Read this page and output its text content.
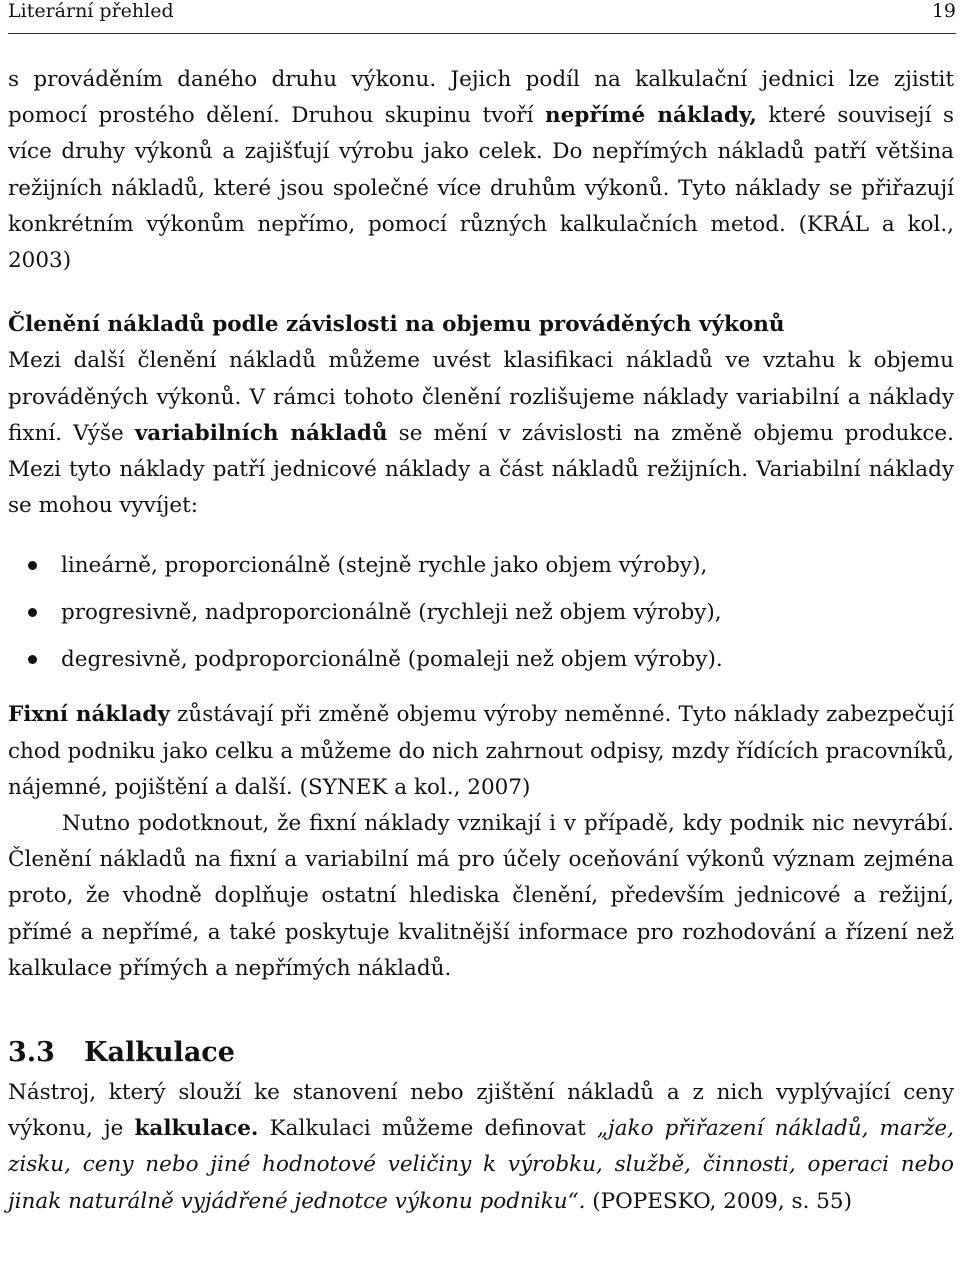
Literární přehled	19

s prováděním daného druhu výkonu. Jejich podíl na kalkulační jednici lze zjistit pomocí prostého dělení. Druhou skupinu tvoří nepřímé náklady, které souvisejí s více druhy výkonů a zajišťují výrobu jako celek. Do nepřímých nákladů patří většina režijních nákladů, které jsou společné více druhům výkonů. Tyto náklady se přiřazují konkrétním výkonům nepřímo, pomocí různých kalkulačních metod. (KRÁL a kol., 2003)

Členění nákladů podle závislosti na objemu prováděných výkonů

Mezi další členění nákladů můžeme uvést klasifikaci nákladů ve vztahu k objemu prováděných výkonů. V rámci tohoto členění rozlišujeme náklady variabilní a náklady fixní. Výše variabilních nákladů se mění v závislosti na změně objemu produkce. Mezi tyto náklady patří jednicové náklady a část nákladů režijních. Variabilní náklady se mohou vyvíjet:

lineárně, proporcionálně (stejně rychle jako objem výroby),
progresivně, nadproporcionálně (rychleji než objem výroby),
degresivně, podproporcionálně (pomaleji než objem výroby).

Fixní náklady zůstávají při změně objemu výroby neměnné. Tyto náklady zabezpečují chod podniku jako celku a můžeme do nich zahrnout odpisy, mzdy řídících pracovníků, nájemné, pojištění a další. (SYNEK a kol., 2007)

Nutno podotknout, že fixní náklady vznikají i v případě, kdy podnik nic nevyrábí. Členění nákladů na fixní a variabilní má pro účely oceňování výkonů význam zejména proto, že vhodně doplňuje ostatní hlediska členění, především jednicové a režijní, přímé a nepřímé, a také poskytuje kvalitnější informace pro rozhodování a řízení než kalkulace přímých a nepřímých nákladů.

3.3 Kalkulace

Nástroj, který slouží ke stanovení nebo zjištění nákladů a z nich vyplývající ceny výkonu, je kalkulace. Kalkulaci můžeme definovat „jako přiřazení nákladů, marže, zisku, ceny nebo jiné hodnotové veličiny k výrobku, službě, činnosti, operaci nebo jinak naturálně vyjádřené jednotce výkonu podniku“. (POPESKO, 2009, s. 55)
